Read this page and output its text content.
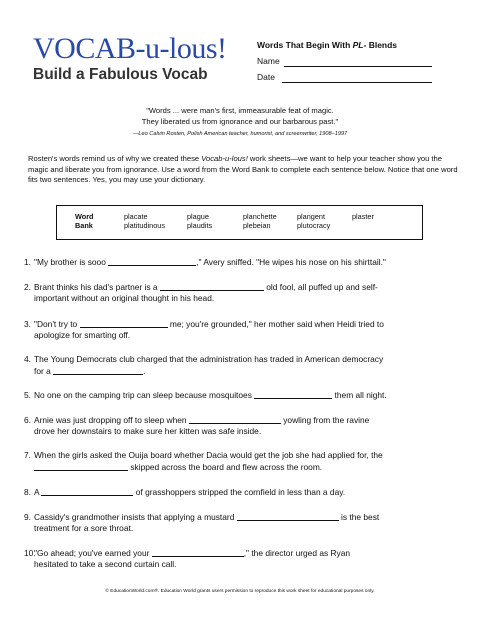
VOCAB-u-lous!
Build a Fabulous Vocab
Words That Begin With PL- Blends
Name
Date
"Words ... were man's first, immeasurable feat of magic.
They liberated us from ignorance and our barbarous past."
—Leo Calvin Rosten, Polish American teacher, humorist, and screenwriter, 1908–1997
Rosten's words remind us of why we created these Vocab-u-lous! work sheets—we want to help your teacher show you the magic and liberate you from ignorance. Use a word from the Word Bank to complete each sentence below. Notice that one word fits two sentences. Yes, you may use your dictionary.
Word
Bank
placate	plague	planchette	plangent	plaster
platitudinous	plaudits	plebeian	plutocracy
1. "My brother is sooo	," Avery sniffed. "He wipes his nose on his shirttail."
2. Brant thinks his dad's partner is a	old fool, all puffed up and self-
important without an original thought in his head.
3. "Don't try to	me; you're grounded," her mother said when Heidi tried to
apologize for smarting off.
4. The Young Democrats club charged that the administration has traded in American democracy
for a	.
5. No one on the camping trip can sleep because mosquitoes	them all night.
6. Arnie was just dropping off to sleep when	yowling from the ravine
drove her downstairs to make sure her kitten was safe inside.
7. When the girls asked the Ouija board whether Dacia would get the job she had applied for, the
skipped across the board and flew across the room.
8. A	of grasshoppers stripped the cornfield in less than a day.
9. Cassidy's grandmother insists that applying a mustard	is the best
treatment for a sore throat.
10."Go ahead; you've earned your	," the director urged as Ryan
hesitated to take a second curtain call.
© EducationWorld.com®. Education World grants users permission to reproduce this work sheet for educational purposes only.
